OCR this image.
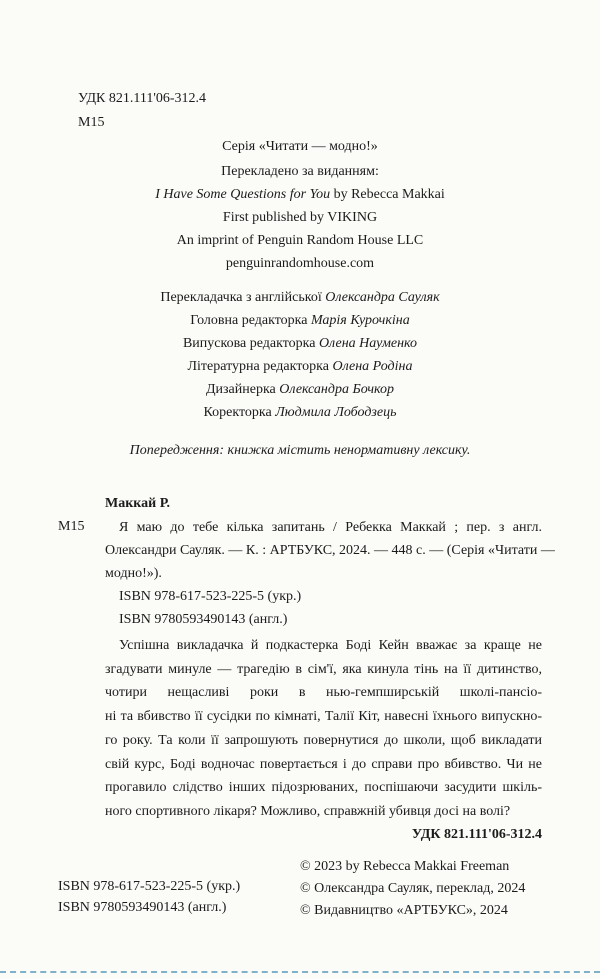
УДК 821.111'06-312.4
М15
Серія «Читати — модно!»
Перекладено за виданням:
I Have Some Questions for You by Rebecca Makkai
First published by VIKING
An imprint of Penguin Random House LLC
penguinrandomhouse.com
Перекладачка з англійської Олександра Сауляк
Головна редакторка Марія Курочкіна
Випускова редакторка Олена Науменко
Літературна редакторка Олена Родіна
Дизайнерка Олександра Бочкор
Коректорка Людмила Лободзець
Попередження: книжка містить ненормативну лексику.
Маккай Р.
М15	Я маю до тебе кілька запитань / Ребекка Маккай ; пер. з англ.
Олександри Сауляк. — К. : АРТБУКС, 2024. — 448 с. — (Серія «Читати —
модно!»).
ISBN 978-617-523-225-5 (укр.)
ISBN 9780593490143 (англ.)
Успішна викладачка й подкастерка Боді Кейн вважає за краще не
згадувати минуле — трагедію в сім'ї, яка кинула тінь на її дитинство,
чотири нещасливі роки в нью-гемпширській школі-пансіо-
ні та вбивство її сусідки по кімнаті, Талії Кіт, навесні їхнього випускно-
го року. Та коли її запрошують повернутися до школи, щоб викладати
свій курс, Боді водночас повертається і до справи про вбивство. Чи не
прогавило слідство інших підозрюваних, поспішаючи засудити шкіль-
ного спортивного лікаря? Можливо, справжній убивця досі на волі?
УДК 821.111'06-312.4
ISBN 978-617-523-225-5 (укр.)
ISBN 9780593490143 (англ.)
© 2023 by Rebecca Makkai Freeman
© Олександра Сауляк, переклад, 2024
© Видавництво «АРТБУКС», 2024
